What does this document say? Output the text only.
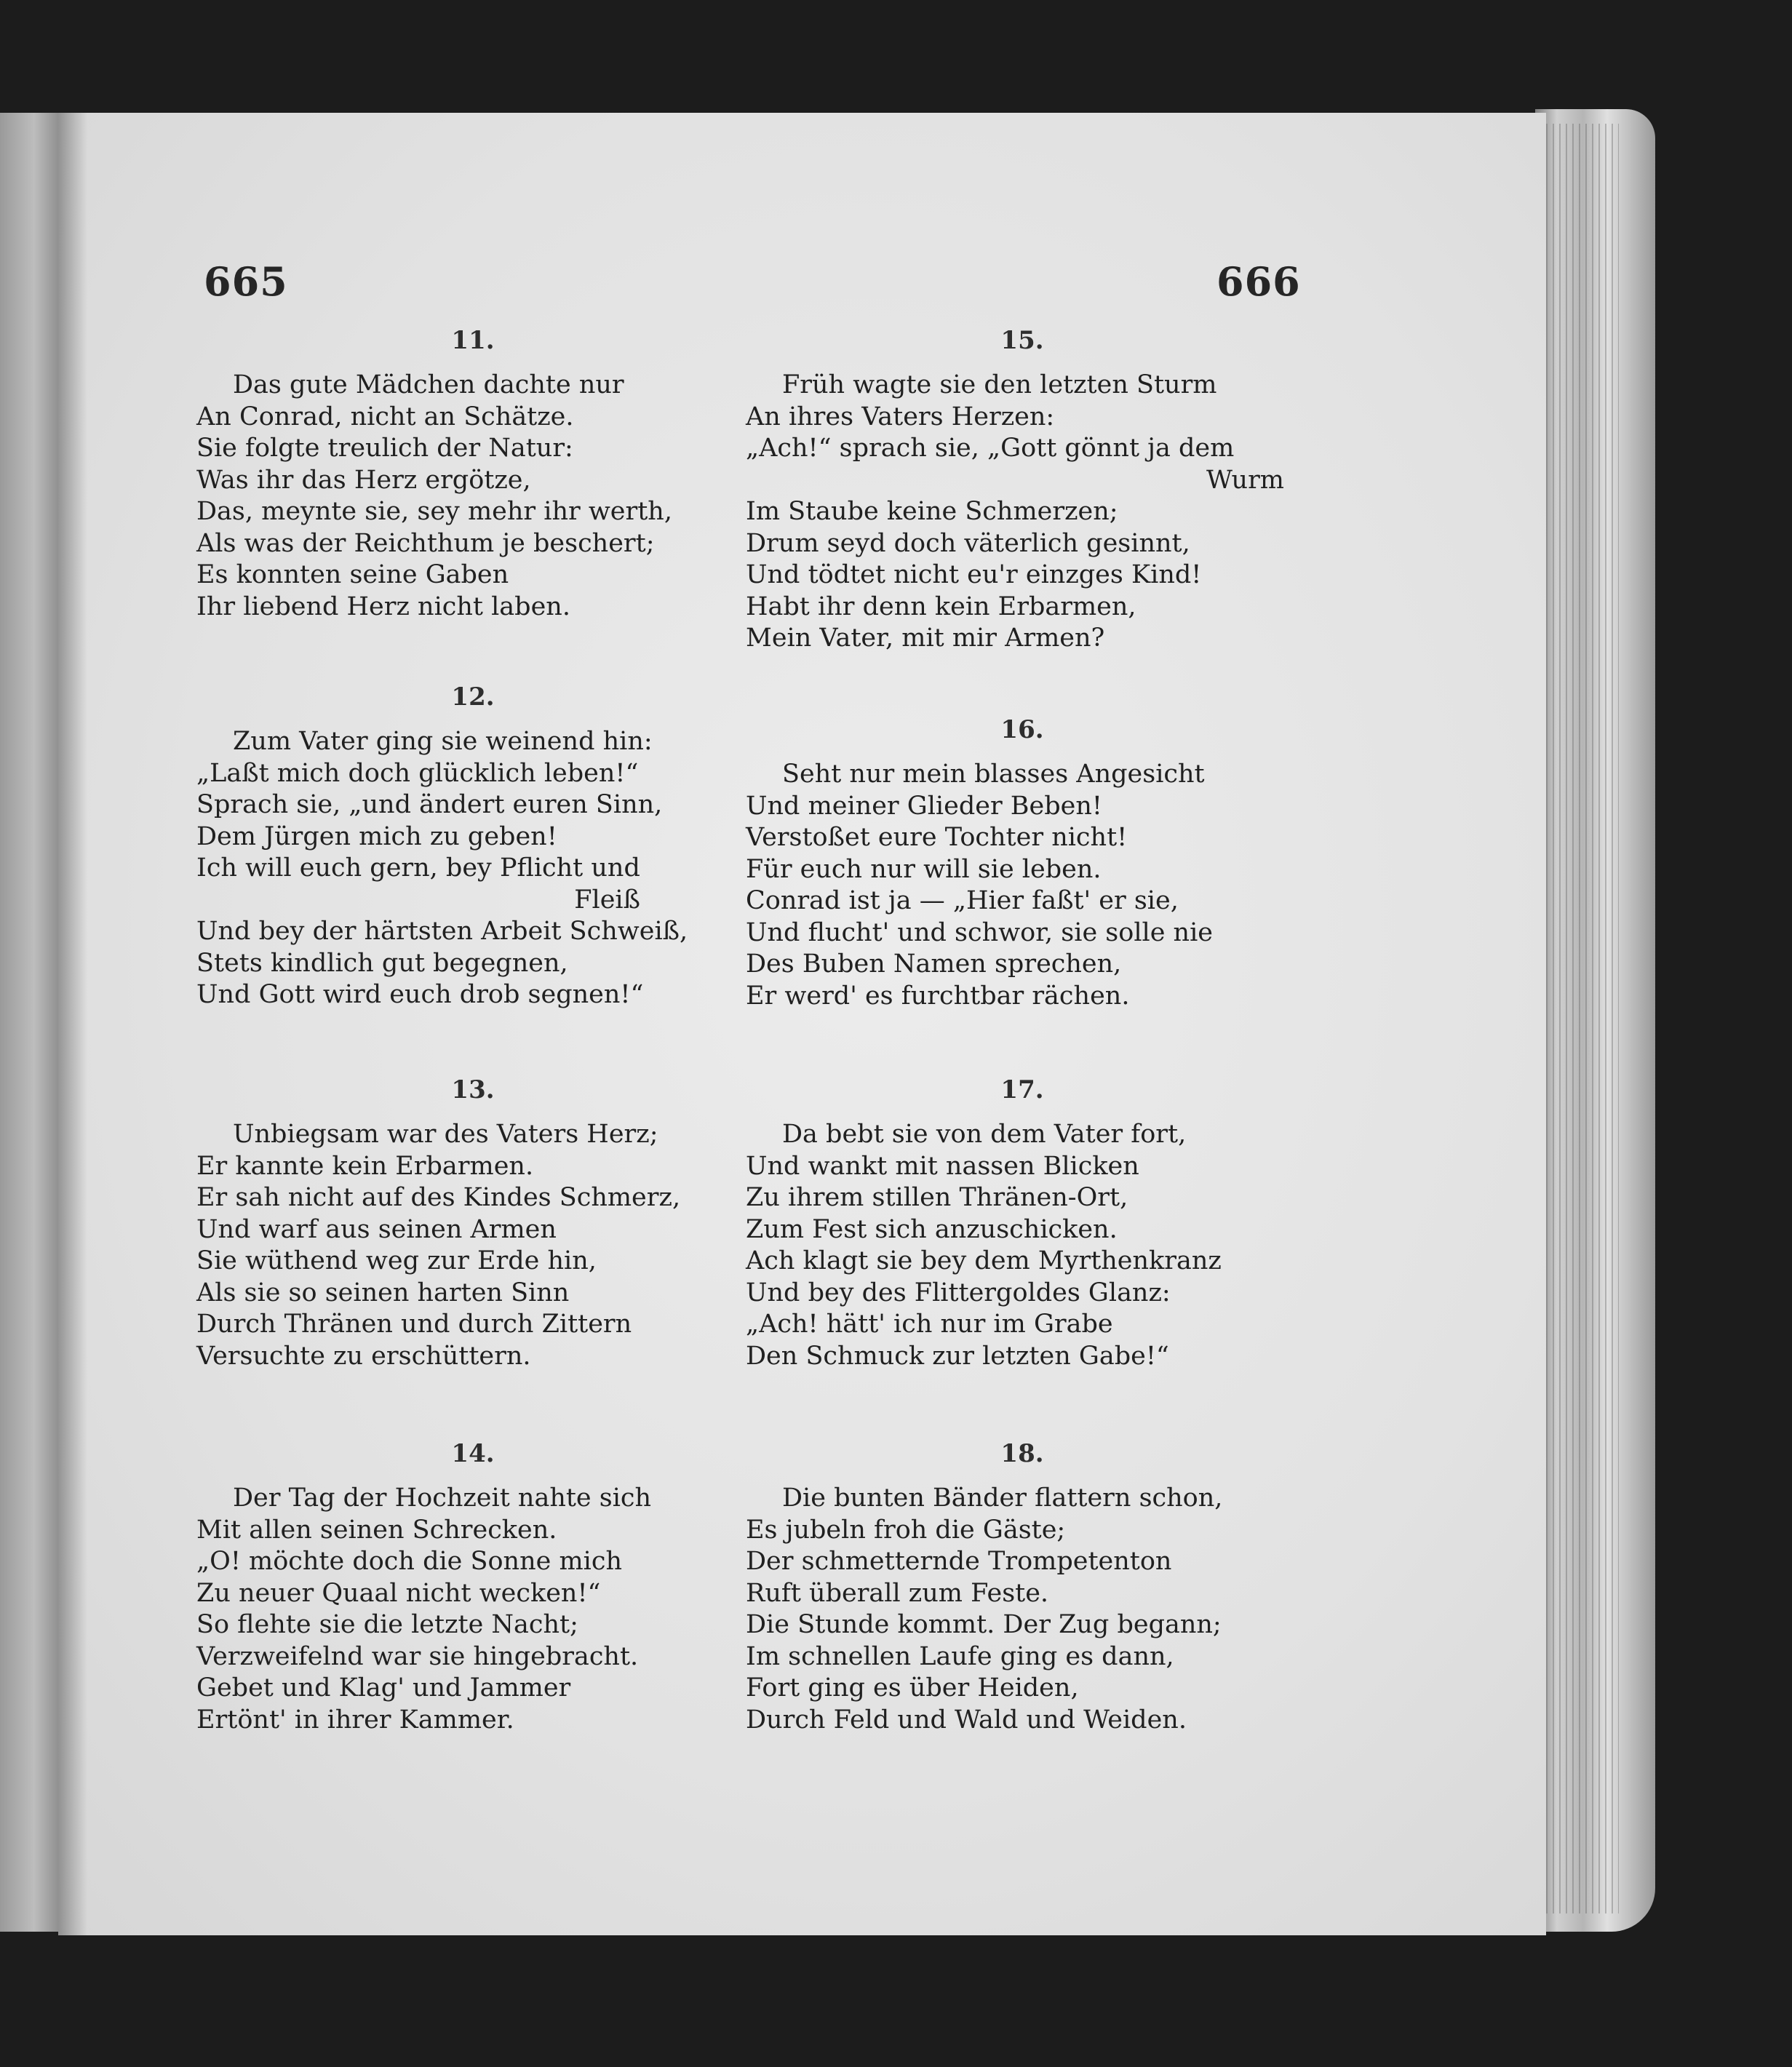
665	666
11.
Das gute Mädchen dachte nur
An Conrad, nicht an Schätze.
Sie folgte treulich der Natur:
Was ihr das Herz ergötze,
Das, meynte sie, sey mehr ihr werth,
Als was der Reichthum je beschert;
Es konnten seine Gaben
Ihr liebend Herz nicht laben.
12.
Zum Vater ging sie weinend hin:
„Laßt mich doch glücklich leben!“
Sprach sie, „und ändert euren Sinn,
Dem Jürgen mich zu geben!
Ich will euch gern, bey Pflicht und
Fleiß
Und bey der härtsten Arbeit Schweiß,
Stets kindlich gut begegnen,
Und Gott wird euch drob segnen!“
13.
Unbiegsam war des Vaters Herz;
Er kannte kein Erbarmen.
Er sah nicht auf des Kindes Schmerz,
Und warf aus seinen Armen
Sie wüthend weg zur Erde hin,
Als sie so seinen harten Sinn
Durch Thränen und durch Zittern
Versuchte zu erschüttern.
14.
Der Tag der Hochzeit nahte sich
Mit allen seinen Schrecken.
„O! möchte doch die Sonne mich
Zu neuer Quaal nicht wecken!“
So flehte sie die letzte Nacht;
Verzweifelnd war sie hingebracht.
Gebet und Klag' und Jammer
Ertönt' in ihrer Kammer.
15.
Früh wagte sie den letzten Sturm
An ihres Vaters Herzen:
„Ach!“ sprach sie, „Gott gönnt ja dem
Wurm
Im Staube keine Schmerzen;
Drum seyd doch väterlich gesinnt,
Und tödtet nicht eu'r einzges Kind!
Habt ihr denn kein Erbarmen,
Mein Vater, mit mir Armen?
16.
Seht nur mein blasses Angesicht
Und meiner Glieder Beben!
Verstoßet eure Tochter nicht!
Für euch nur will sie leben.
Conrad ist ja — „Hier faßt' er sie,
Und flucht' und schwor, sie solle nie
Des Buben Namen sprechen,
Er werd' es furchtbar rächen.
17.
Da bebt sie von dem Vater fort,
Und wankt mit nassen Blicken
Zu ihrem stillen Thränen-Ort,
Zum Fest sich anzuschicken.
Ach klagt sie bey dem Myrthenkranz
Und bey des Flittergoldes Glanz:
„Ach! hätt' ich nur im Grabe
Den Schmuck zur letzten Gabe!“
18.
Die bunten Bänder flattern schon,
Es jubeln froh die Gäste;
Der schmetternde Trompetenton
Ruft überall zum Feste.
Die Stunde kommt. Der Zug begann;
Im schnellen Laufe ging es dann,
Fort ging es über Heiden,
Durch Feld und Wald und Weiden.
